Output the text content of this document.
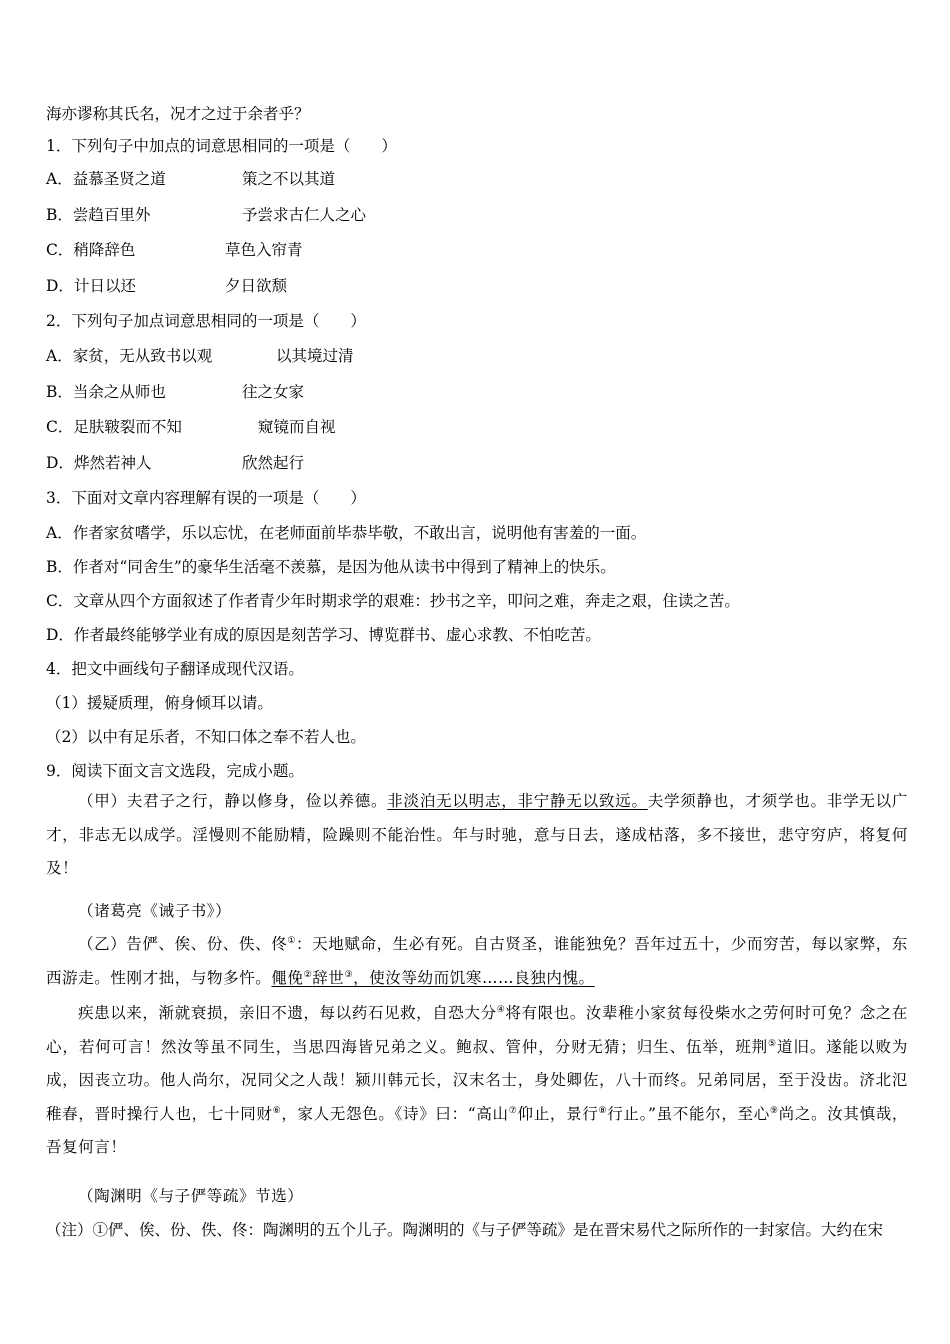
海亦谬称其氏名，况才之过于余者乎？
1．下列句子中加点的词意思相同的一项是（　　）
A．益慕圣贤之道	策之不以其道
B．尝趋百里外	予尝求古仁人之心
C．稍降辞色	草色入帘青
D．计日以还	夕日欲颓
2．下列句子加点词意思相同的一项是（　　）
A．家贫，无从致书以观	以其境过清
B．当余之从师也	往之女家
C．足肤皲裂而不知	窥镜而自视
D．烨然若神人	欣然起行
3．下面对文章内容理解有误的一项是（　　）
A．作者家贫嗜学，乐以忘忧，在老师面前毕恭毕敬，不敢出言，说明他有害羞的一面。
B．作者对“同舍生”的豪华生活毫不羡慕，是因为他从读书中得到了精神上的快乐。
C．文章从四个方面叙述了作者青少年时期求学的艰难：抄书之辛，叩问之难，奔走之艰，住读之苦。
D．作者最终能够学业有成的原因是刻苦学习、博览群书、虚心求教、不怕吃苦。
4．把文中画线句子翻译成现代汉语。
（1）援疑质理，俯身倾耳以请。
（2）以中有足乐者，不知口体之奉不若人也。
9．阅读下面文言文选段，完成小题。
（甲）夫君子之行，静以修身，俭以养德。非淡泊无以明志，非宁静无以致远。夫学须静也，才须学也。非学无以广才，非志无以成学。淫慢则不能励精，险躁则不能治性。年与时驰，意与日去，遂成枯落，多不接世，悲守穷庐，将复何及！
（诸葛亮《诫子书》）
（乙）告俨、俟、份、佚、佟①：天地赋命，生必有死。自古贤圣，谁能独免？吾年过五十，少而穷苦，每以家弊，东西游走。性刚才拙，与物多忤。僶俛②辞世③，使汝等幼而饥寒……良独内愧。
疾患以来，渐就衰损，亲旧不遗，每以药石见救，自恐大分④将有限也。汝辈稚小家贫每役柴水之劳何时可免？念之在心，若何可言！然汝等虽不同生，当思四海皆兄弟之义。鲍叔、管仲，分财无猜；归生、伍举，班荆⑤道旧。遂能以败为成，因丧立功。他人尚尔，况同父之人哉！颍川韩元长，汉末名士，身处卿佐，八十而终。兄弟同居，至于没齿。济北氾稚春，晋时操行人也，七十同财⑥，家人无怨色。《诗》曰：“高山⑦仰止，景行⑧行止。”虽不能尔，至心⑨尚之。汝其慎哉，吾复何言！
（陶渊明《与子俨等疏》节选）
（注）①俨、俟、份、佚、佟：陶渊明的五个儿子。陶渊明的《与子俨等疏》是在晋宋易代之际所作的一封家信。大约在宋
